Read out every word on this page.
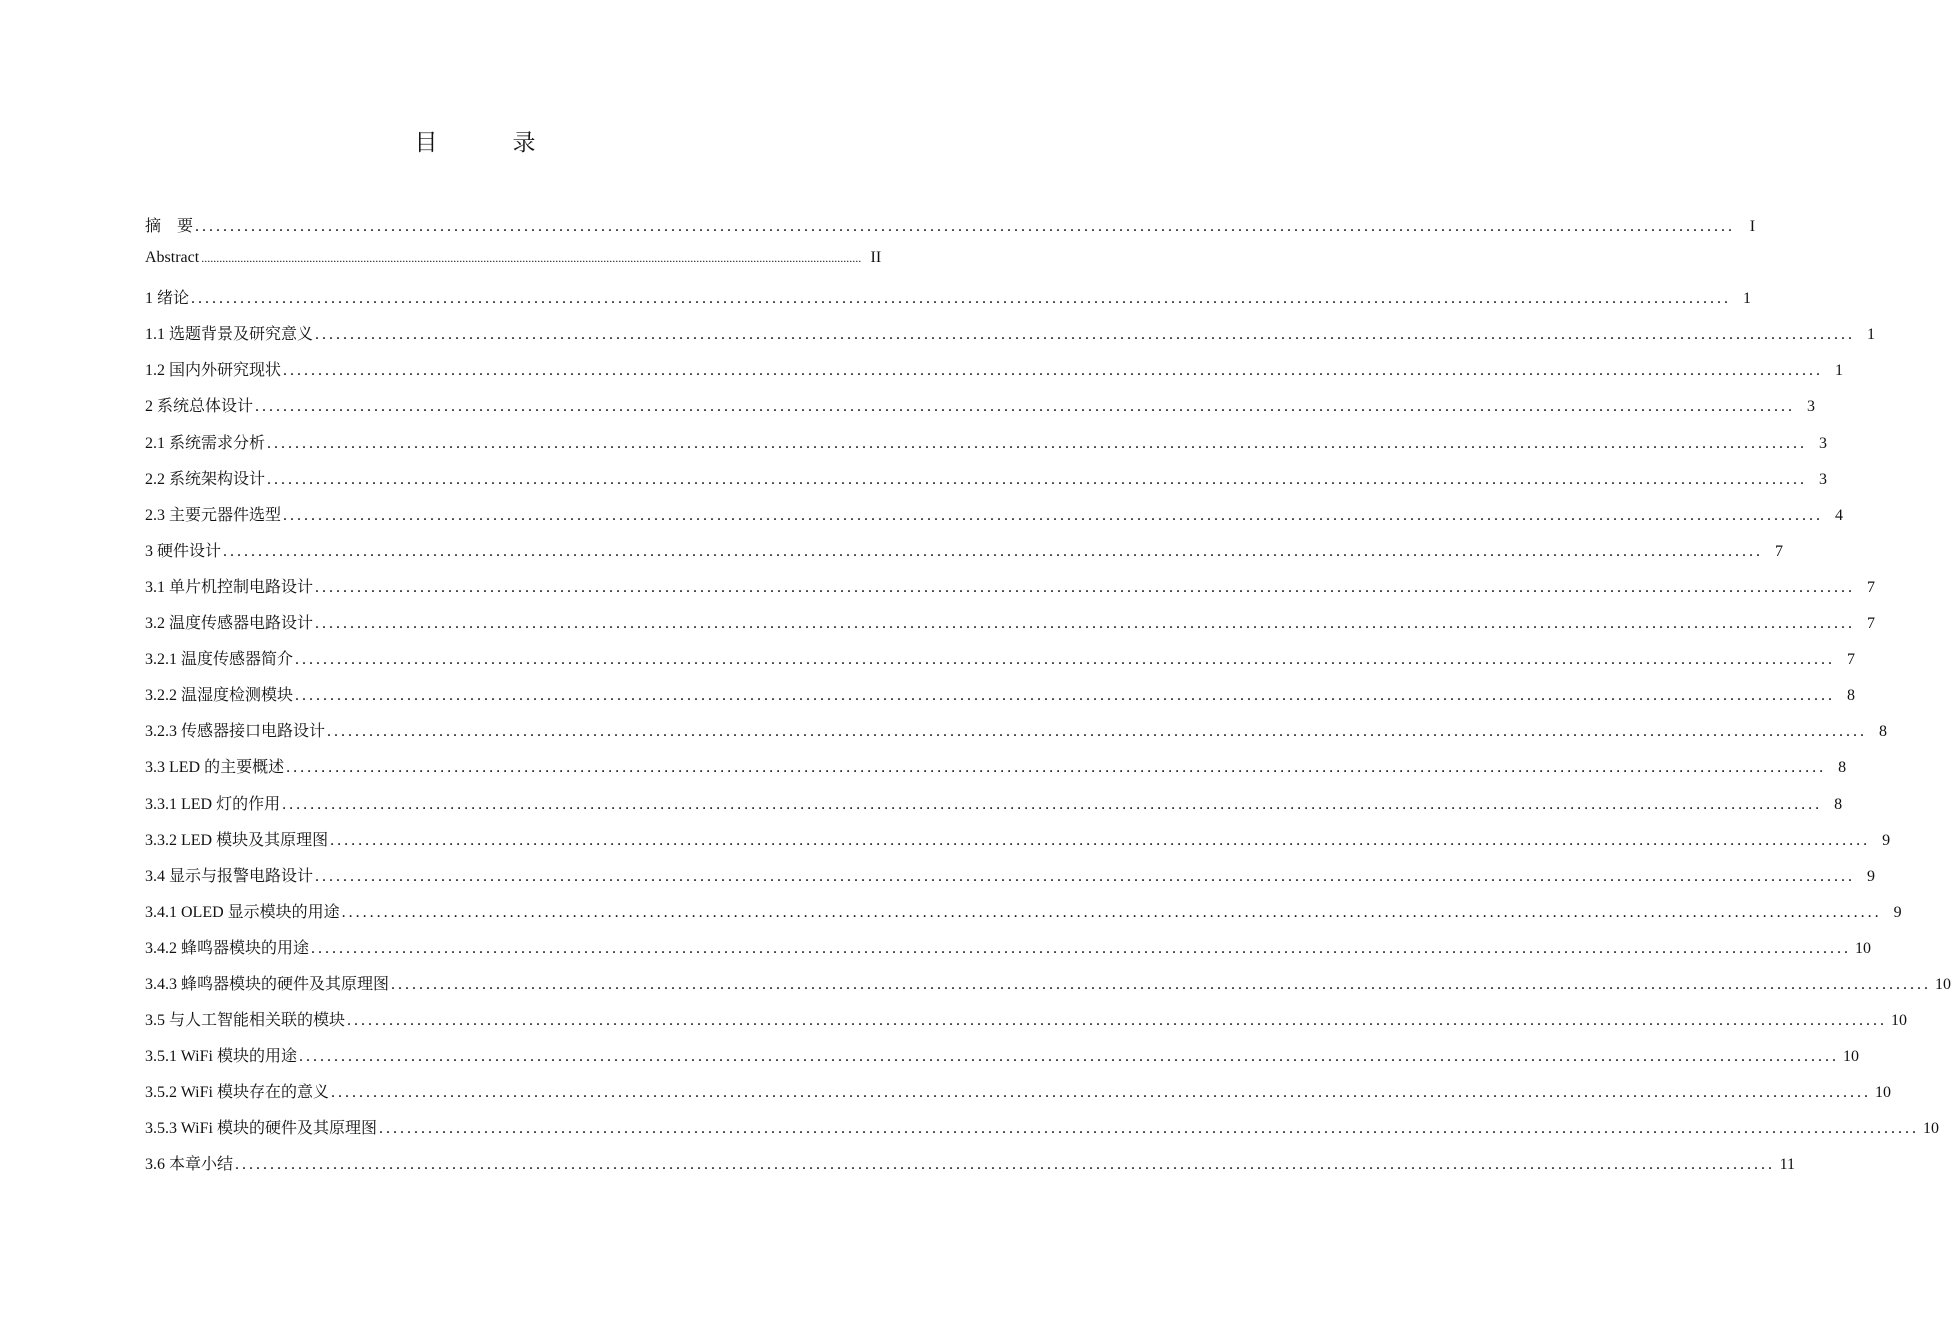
目　录
摘　要 ............................................................................................................................................................................................................................ I
Abstract ............................................................................................................................................................................................................................ II
1 绪论 ............................................................................................................................................................................................................................ 1
1.1 选题背景及研究意义 ............................................................................................................................................................................................................................ 1
1.2 国内外研究现状 ............................................................................................................................................................................................................................ 1
2 系统总体设计 ............................................................................................................................................................................................................................ 3
2.1 系统需求分析 ............................................................................................................................................................................................................................ 3
2.2 系统架构设计 ............................................................................................................................................................................................................................ 3
2.3 主要元器件选型 ............................................................................................................................................................................................................................ 4
3 硬件设计 ............................................................................................................................................................................................................................ 7
3.1 单片机控制电路设计 ............................................................................................................................................................................................................................ 7
3.2 温度传感器电路设计 ............................................................................................................................................................................................................................ 7
3.2.1 温度传感器简介 ............................................................................................................................................................................................................................ 7
3.2.2 温湿度检测模块 ............................................................................................................................................................................................................................ 8
3.2.3 传感器接口电路设计 ............................................................................................................................................................................................................................ 8
3.3 LED 的主要概述 ............................................................................................................................................................................................................................ 8
3.3.1 LED 灯的作用 ............................................................................................................................................................................................................................ 8
3.3.2 LED 模块及其原理图 ............................................................................................................................................................................................................................ 9
3.4 显示与报警电路设计 ............................................................................................................................................................................................................................ 9
3.4.1 OLED 显示模块的用途 ............................................................................................................................................................................................................................ 9
3.4.2 蜂鸣器模块的用途 ............................................................................................................................................................................................................................ 10
3.4.3 蜂鸣器模块的硬件及其原理图 ............................................................................................................................................................................................................................ 10
3.5 与人工智能相关联的模块 ............................................................................................................................................................................................................................ 10
3.5.1 WiFi 模块的用途 ............................................................................................................................................................................................................................ 10
3.5.2 WiFi 模块存在的意义 ............................................................................................................................................................................................................................ 10
3.5.3 WiFi 模块的硬件及其原理图 ............................................................................................................................................................................................................................ 10
3.6 本章小结 ............................................................................................................................................................................................................................ 11
